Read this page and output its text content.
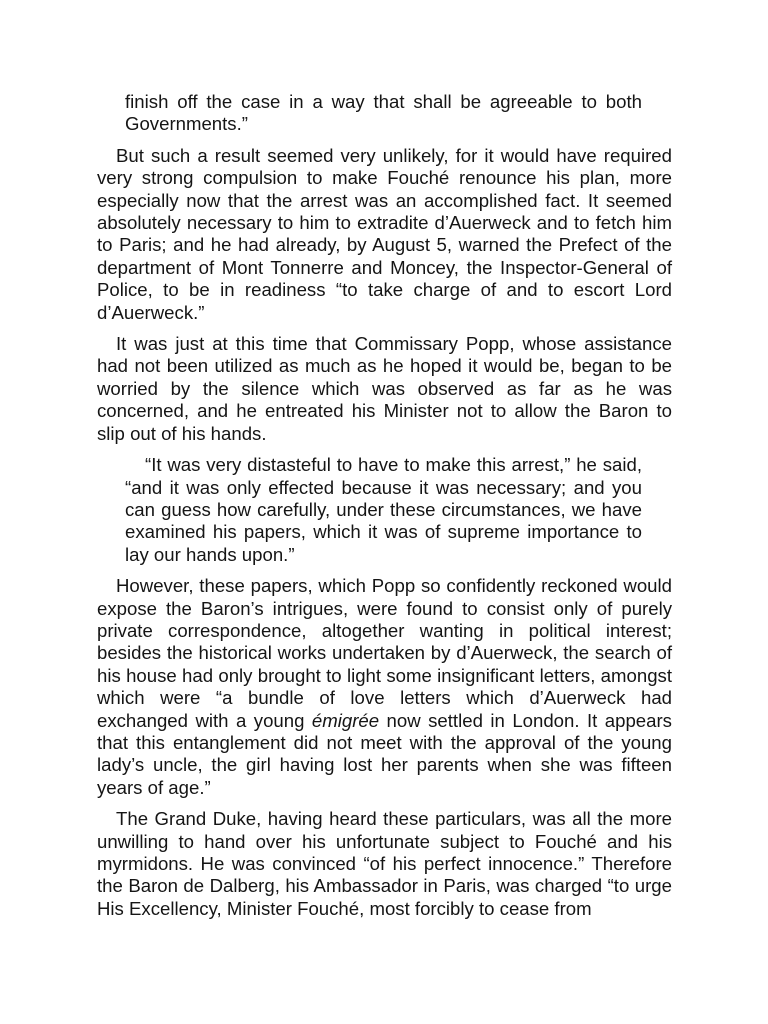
finish off the case in a way that shall be agreeable to both Governments.”

But such a result seemed very unlikely, for it would have required very strong compulsion to make Fouché renounce his plan, more especially now that the arrest was an accomplished fact. It seemed absolutely necessary to him to extradite d’Auerweck and to fetch him to Paris; and he had already, by August 5, warned the Prefect of the department of Mont Tonnerre and Moncey, the Inspector-General of Police, to be in readiness “to take charge of and to escort Lord d’Auerweck.”

It was just at this time that Commissary Popp, whose assistance had not been utilized as much as he hoped it would be, began to be worried by the silence which was observed as far as he was concerned, and he entreated his Minister not to allow the Baron to slip out of his hands.

“It was very distasteful to have to make this arrest,” he said, “and it was only effected because it was necessary; and you can guess how carefully, under these circumstances, we have examined his papers, which it was of supreme importance to lay our hands upon.”

However, these papers, which Popp so confidently reckoned would expose the Baron’s intrigues, were found to consist only of purely private correspondence, altogether wanting in political interest; besides the historical works undertaken by d’Auerweck, the search of his house had only brought to light some insignificant letters, amongst which were “a bundle of love letters which d’Auerweck had exchanged with a young émigrée now settled in London. It appears that this entanglement did not meet with the approval of the young lady’s uncle, the girl having lost her parents when she was fifteen years of age.”

The Grand Duke, having heard these particulars, was all the more unwilling to hand over his unfortunate subject to Fouché and his myrmidons. He was convinced “of his perfect innocence.” Therefore the Baron de Dalberg, his Ambassador in Paris, was charged “to urge His Excellency, Minister Fouché, most forcibly to cease from
